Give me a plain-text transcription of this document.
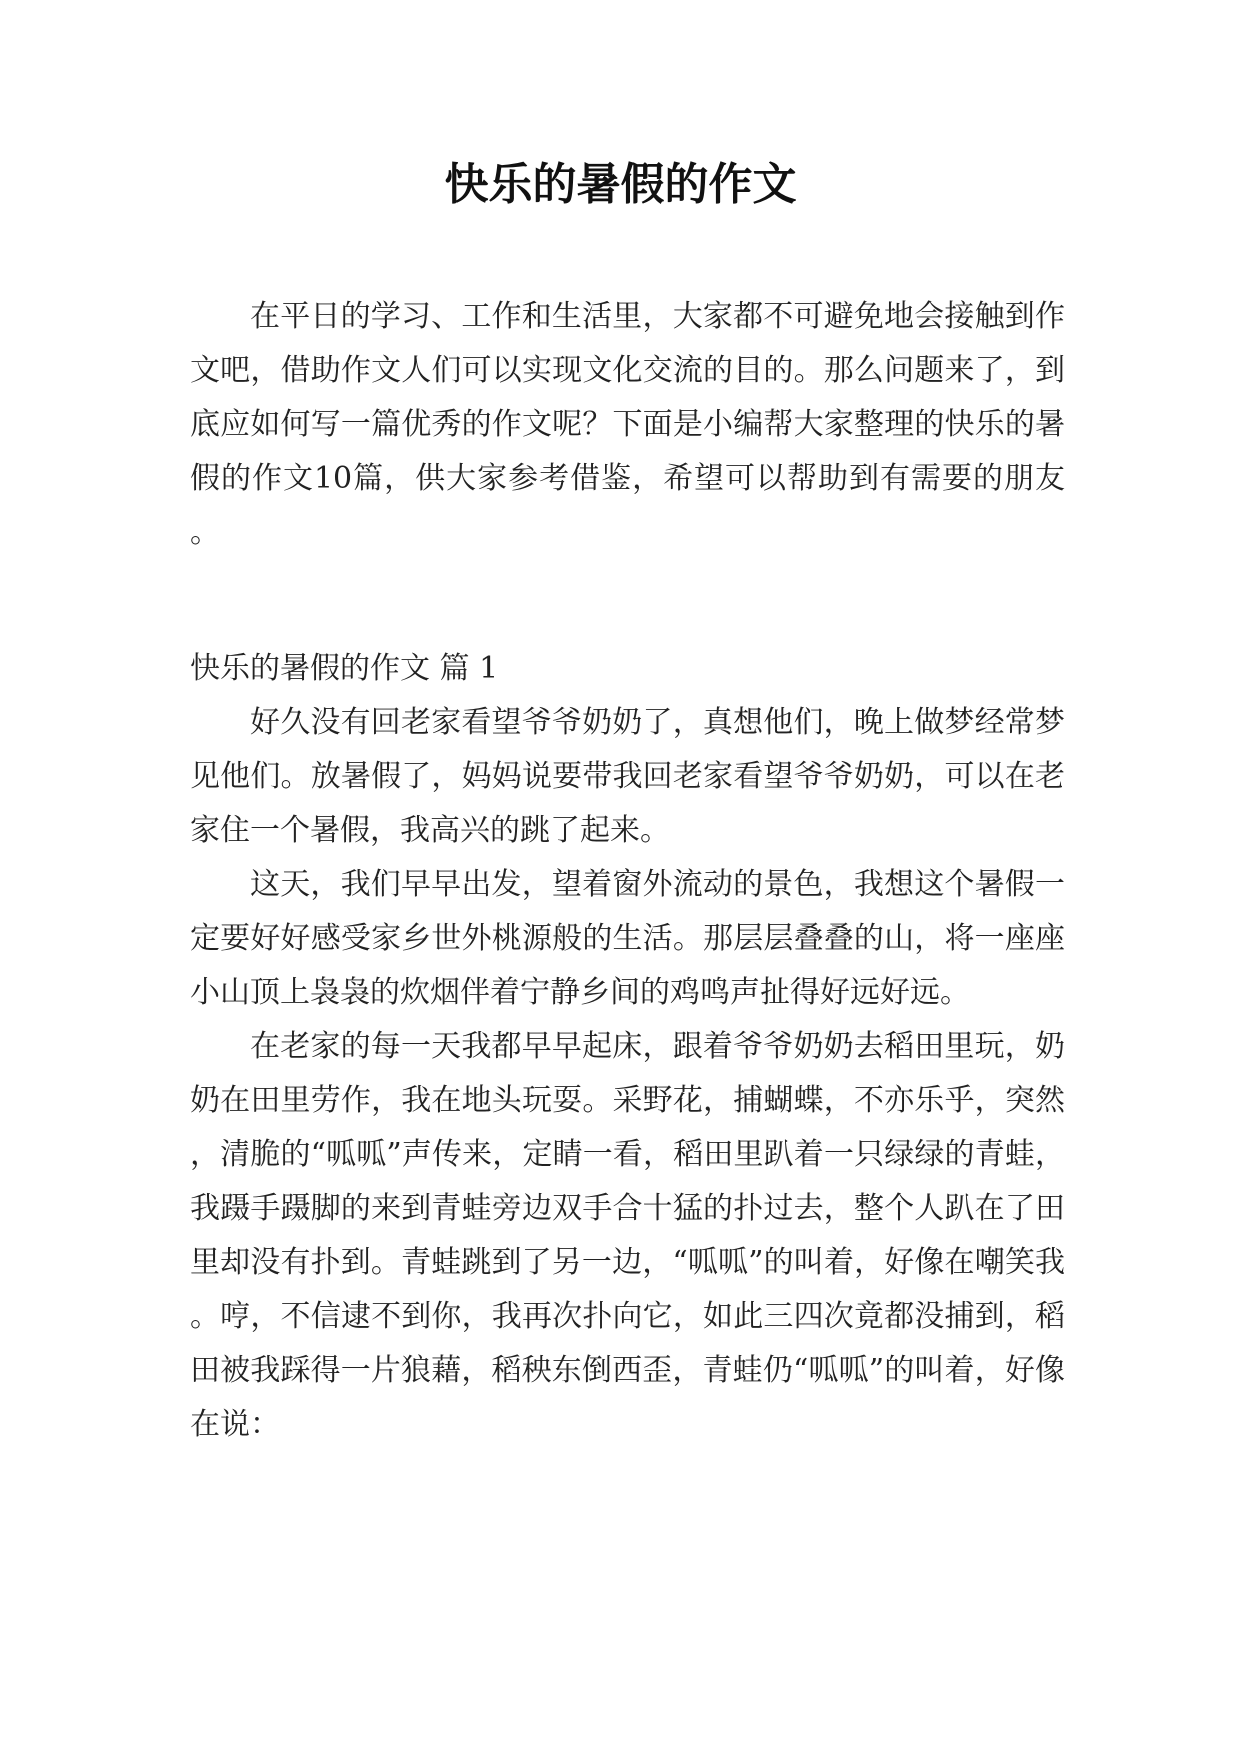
快乐的暑假的作文

在平日的学习、工作和生活里，大家都不可避免地会接触到作文吧，借助作文人们可以实现文化交流的目的。那么问题来了，到底应如何写一篇优秀的作文呢？下面是小编帮大家整理的快乐的暑假的作文10篇，供大家参考借鉴，希望可以帮助到有需要的朋友。

快乐的暑假的作文 篇 1

好久没有回老家看望爷爷奶奶了，真想他们，晚上做梦经常梦见他们。放暑假了，妈妈说要带我回老家看望爷爷奶奶，可以在老家住一个暑假，我高兴的跳了起来。

这天，我们早早出发，望着窗外流动的景色，我想这个暑假一定要好好感受家乡世外桃源般的生活。那层层叠叠的山，将一座座小山顶上袅袅的炊烟伴着宁静乡间的鸡鸣声扯得好远好远。

在老家的每一天我都早早起床，跟着爷爷奶奶去稻田里玩，奶奶在田里劳作，我在地头玩耍。采野花，捕蝴蝶，不亦乐乎，突然，清脆的“呱呱”声传来，定睛一看，稻田里趴着一只绿绿的青蛙，我蹑手蹑脚的来到青蛙旁边双手合十猛的扑过去，整个人趴在了田里却没有扑到。青蛙跳到了另一边，“呱呱”的叫着，好像在嘲笑我。哼，不信逮不到你，我再次扑向它，如此三四次竟都没捕到，稻田被我踩得一片狼藉，稻秧东倒西歪，青蛙仍“呱呱”的叫着，好像在说：
